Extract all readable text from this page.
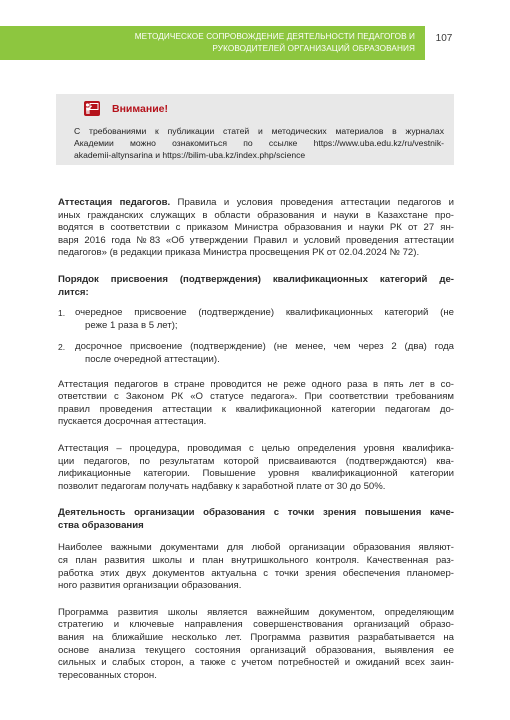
МЕТОДИЧЕСКОЕ СОПРОВОЖДЕНИЕ ДЕЯТЕЛЬНОСТИ ПЕДАГОГОВ И
РУКОВОДИТЕЛЕЙ ОРГАНИЗАЦИЙ ОБРАЗОВАНИЯ
107
Внимание!
С требованиями к публикации статей и методических материалов в журналах
Академии можно ознакомиться по ссылке https://www.uba.edu.kz/ru/vestnik-
akademii-altynsarina и https://bilim-uba.kz/index.php/science
Аттестация педагогов. Правила и условия проведения аттестации педагогов и
иных гражданских служащих в области образования и науки в Казахстане про-
водятся в соответствии с приказом Министра образования и науки РК от 27 ян-
варя 2016 года №83 «Об утверждении Правил и условий проведения аттестации
педагогов» (в редакции приказа Министра просвещения РК от 02.04.2024 № 72).
Порядок присвоения (подтверждения) квалификационных категорий де-
лится:
1. очередное присвоение (подтверждение) квалификационных категорий (не
реже 1 раза в 5 лет);
2. досрочное присвоение (подтверждение) (не менее, чем через 2 (два) года
после очередной аттестации).
Аттестация педагогов в стране проводится не реже одного раза в пять лет в со-
ответствии с Законом РК «О статусе педагога». При соответствии требованиям
правил проведения аттестации к квалификационной категории педагогам до-
пускается досрочная аттестация.
Аттестация – процедура, проводимая с целью определения уровня квалифика-
ции педагогов, по результатам которой присваиваются (подтверждаются) ква-
лификационные категории. Повышение уровня квалификационной категории
позволит педагогам получать надбавку к заработной плате от 30 до 50%.
Деятельность организации образования с точки зрения повышения каче-
ства образования
Наиболее важными документами для любой организации образования являют-
ся план развития школы и план внутришкольного контроля. Качественная раз-
работка этих двух документов актуальна с точки зрения обеспечения планомер-
ного развития организации образования.
Программа развития школы является важнейшим документом, определяющим
стратегию и ключевые направления совершенствования организаций образо-
вания на ближайшие несколько лет. Программа развития разрабатывается на
основе анализа текущего состояния организаций образования, выявления ее
сильных и слабых сторон, а также с учетом потребностей и ожиданий всех заин-
тересованных сторон.
